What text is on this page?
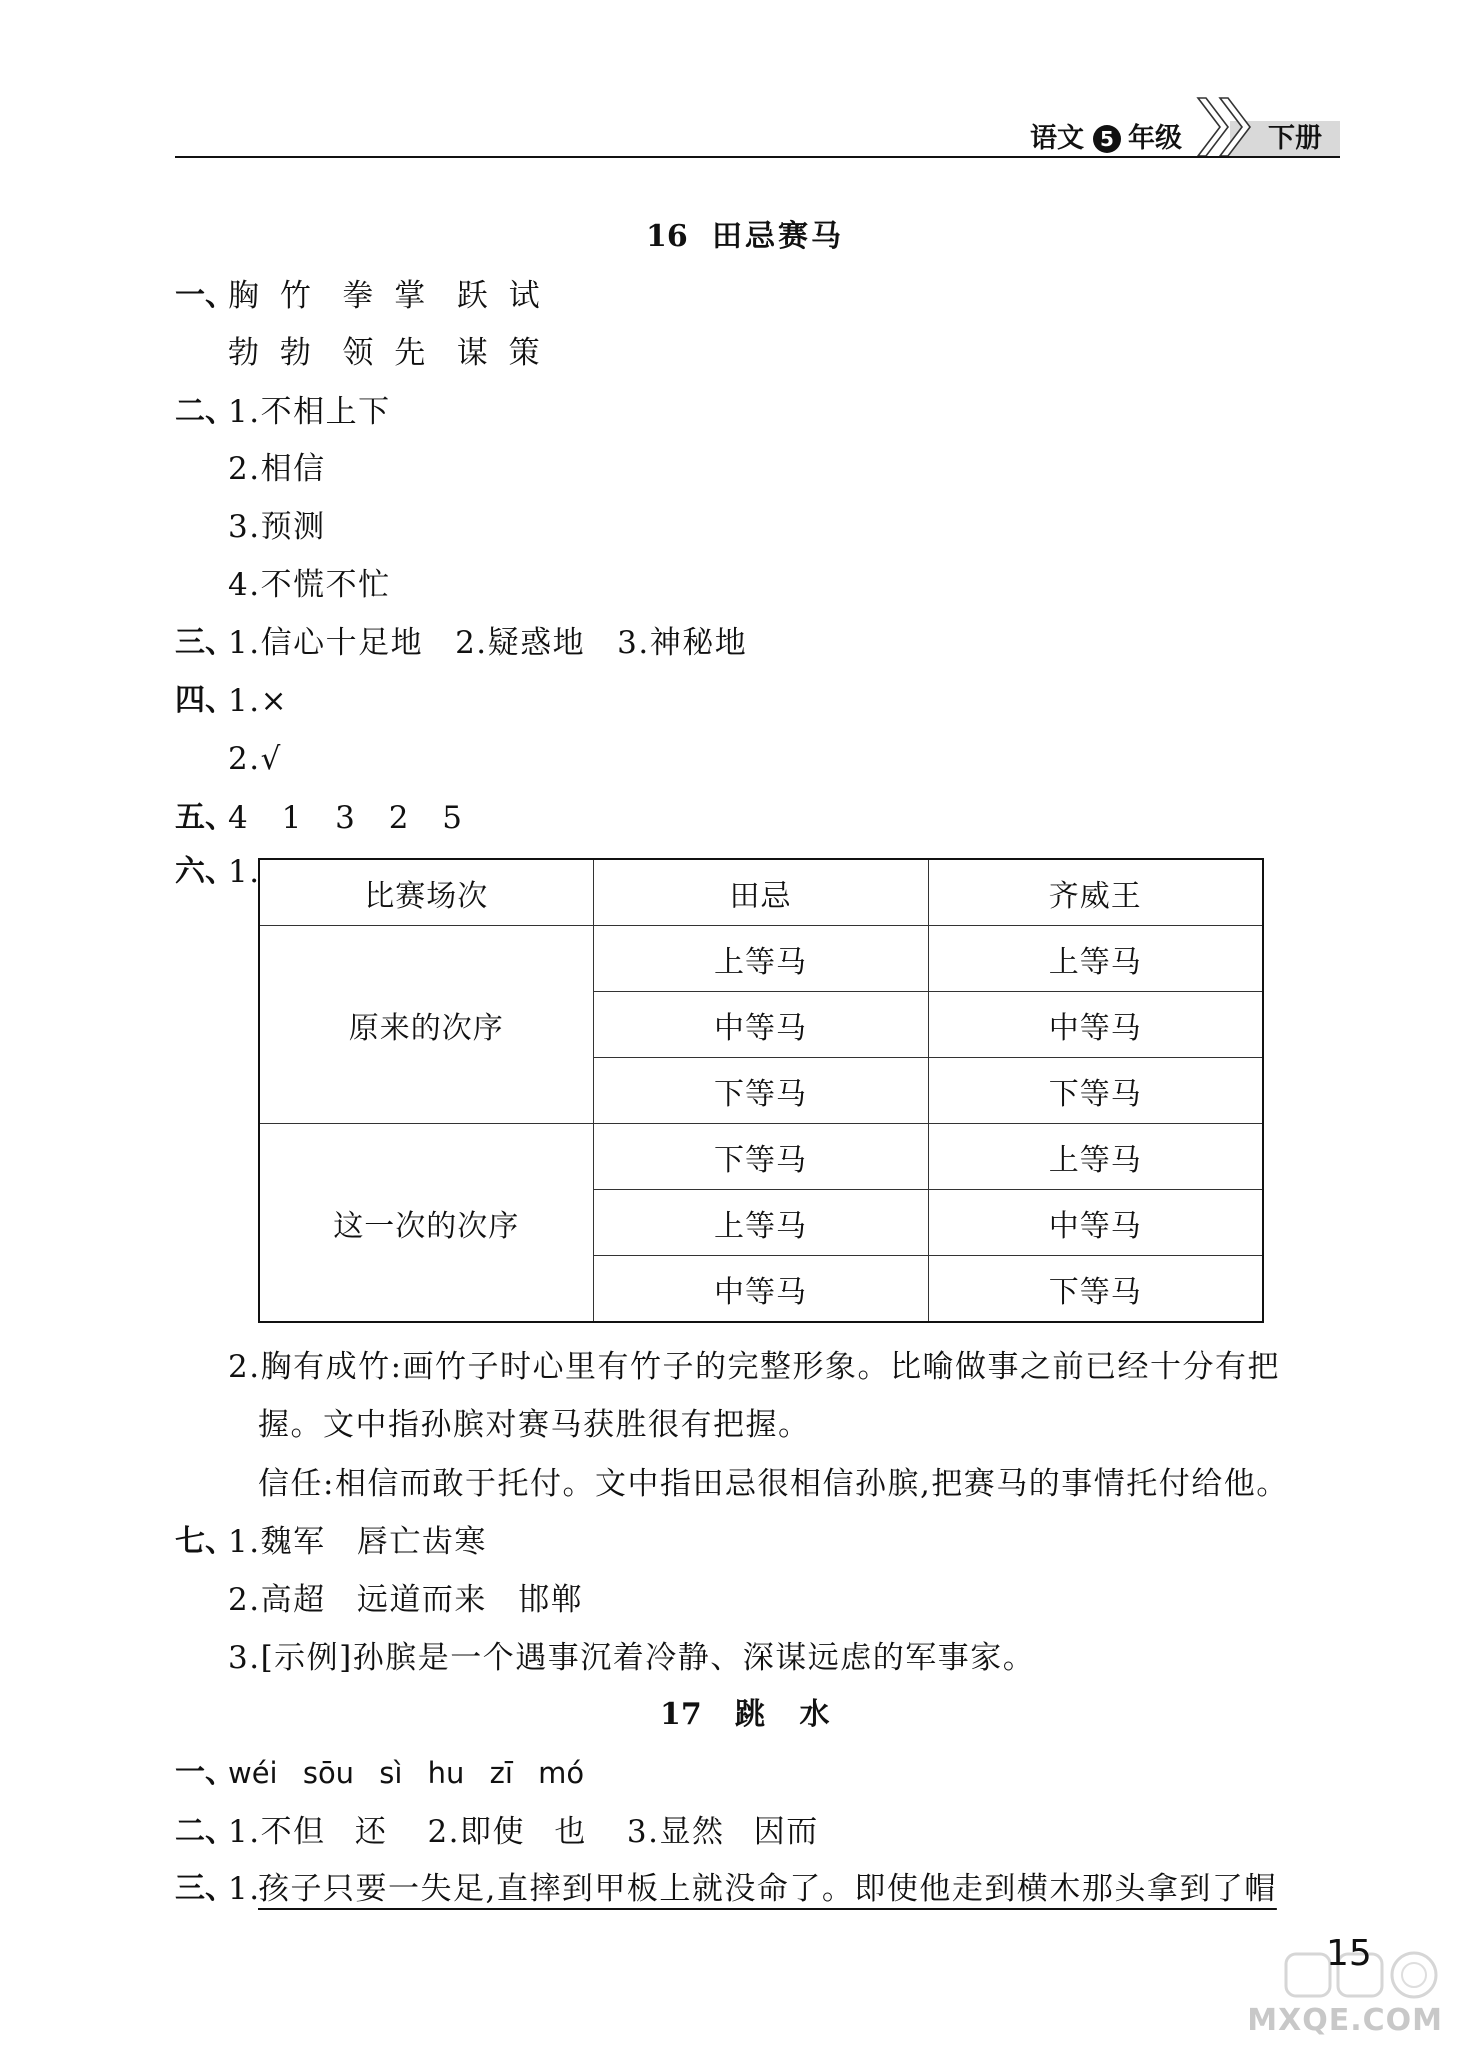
语文 5 年级	下册
16 田忌赛马
一、
胸 竹 拳 掌 跃 试
勃 勃 领 先 谋 策
二、
1.不相上下
2.相信
3.预测
4.不慌不忙
三、
1.信心十足地 2.疑惑地 3.神秘地
四、
1.×
2.√
五、
4 1 3 2 5
六、
1.
比赛场次	田忌	齐威王
原来的次序	上等马	上等马
	中等马	中等马
	下等马	下等马
这一次的次序	下等马	上等马
	上等马	中等马
	中等马	下等马
2.胸有成竹:画竹子时心里有竹子的完整形象。比喻做事之前已经十分有把
握。文中指孙膑对赛马获胜很有把握。
信任:相信而敢于托付。文中指田忌很相信孙膑,把赛马的事情托付给他。
七、
1.魏军 唇亡齿寒
2.高超 远道而来 邯郸
3.[示例]孙膑是一个遇事沉着冷静、深谋远虑的军事家。
17 跳 水
一、
wéi sōu sì hu zī mó
二、
1.不但 还 2.即使 也 3.显然 因而
三、
1.
孩子只要一失足,直摔到甲板上就没命了。即使他走到横木那头拿到了帽
15
MXQE.COM
